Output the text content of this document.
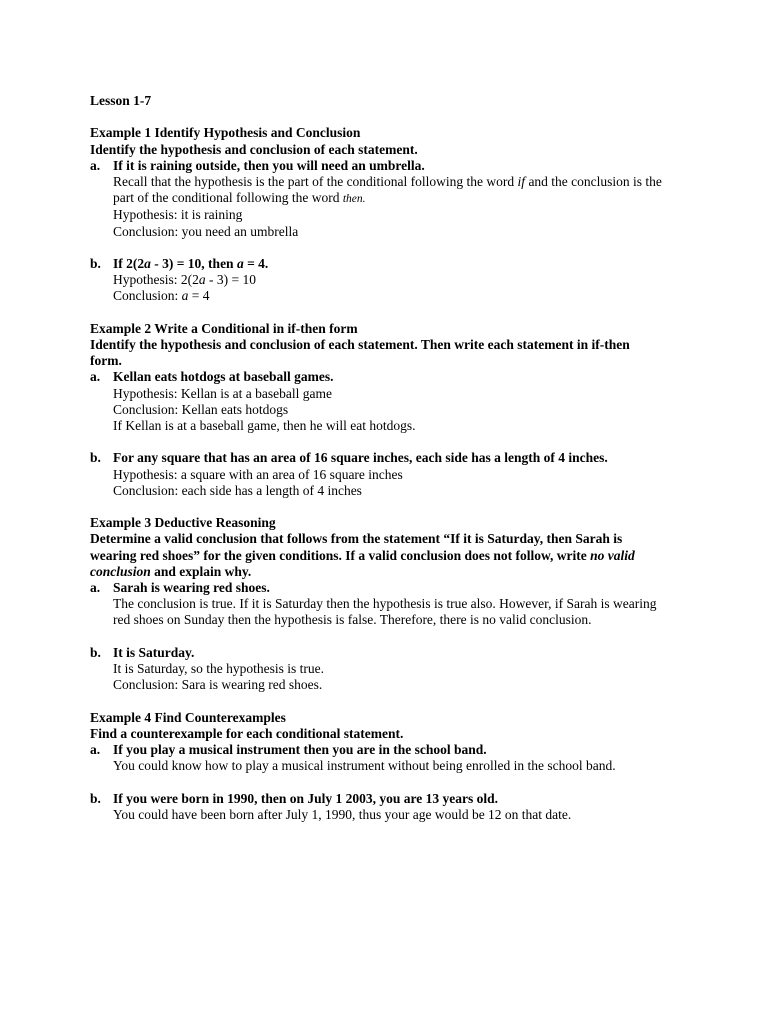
Lesson 1-7
Example 1 Identify Hypothesis and Conclusion
Identify the hypothesis and conclusion of each statement.
a. If it is raining outside, then you will need an umbrella.
Recall that the hypothesis is the part of the conditional following the word if and the conclusion is the
part of the conditional following the word then.
Hypothesis: it is raining
Conclusion: you need an umbrella
b. If 2(2a - 3) = 10, then a = 4.
Hypothesis: 2(2a - 3) = 10
Conclusion: a = 4
Example 2 Write a Conditional in if-then form
Identify the hypothesis and conclusion of each statement. Then write each statement in if-then
form.
a. Kellan eats hotdogs at baseball games.
Hypothesis: Kellan is at a baseball game
Conclusion: Kellan eats hotdogs
If Kellan is at a baseball game, then he will eat hotdogs.
b. For any square that has an area of 16 square inches, each side has a length of 4 inches.
Hypothesis: a square with an area of 16 square inches
Conclusion: each side has a length of 4 inches
Example 3 Deductive Reasoning
Determine a valid conclusion that follows from the statement “If it is Saturday, then Sarah is
wearing red shoes” for the given conditions. If a valid conclusion does not follow, write no valid
conclusion and explain why.
a. Sarah is wearing red shoes.
The conclusion is true. If it is Saturday then the hypothesis is true also. However, if Sarah is wearing
red shoes on Sunday then the hypothesis is false. Therefore, there is no valid conclusion.
b. It is Saturday.
It is Saturday, so the hypothesis is true.
Conclusion: Sara is wearing red shoes.
Example 4 Find Counterexamples
Find a counterexample for each conditional statement.
a. If you play a musical instrument then you are in the school band.
You could know how to play a musical instrument without being enrolled in the school band.
b. If you were born in 1990, then on July 1 2003, you are 13 years old.
You could have been born after July 1, 1990, thus your age would be 12 on that date.
